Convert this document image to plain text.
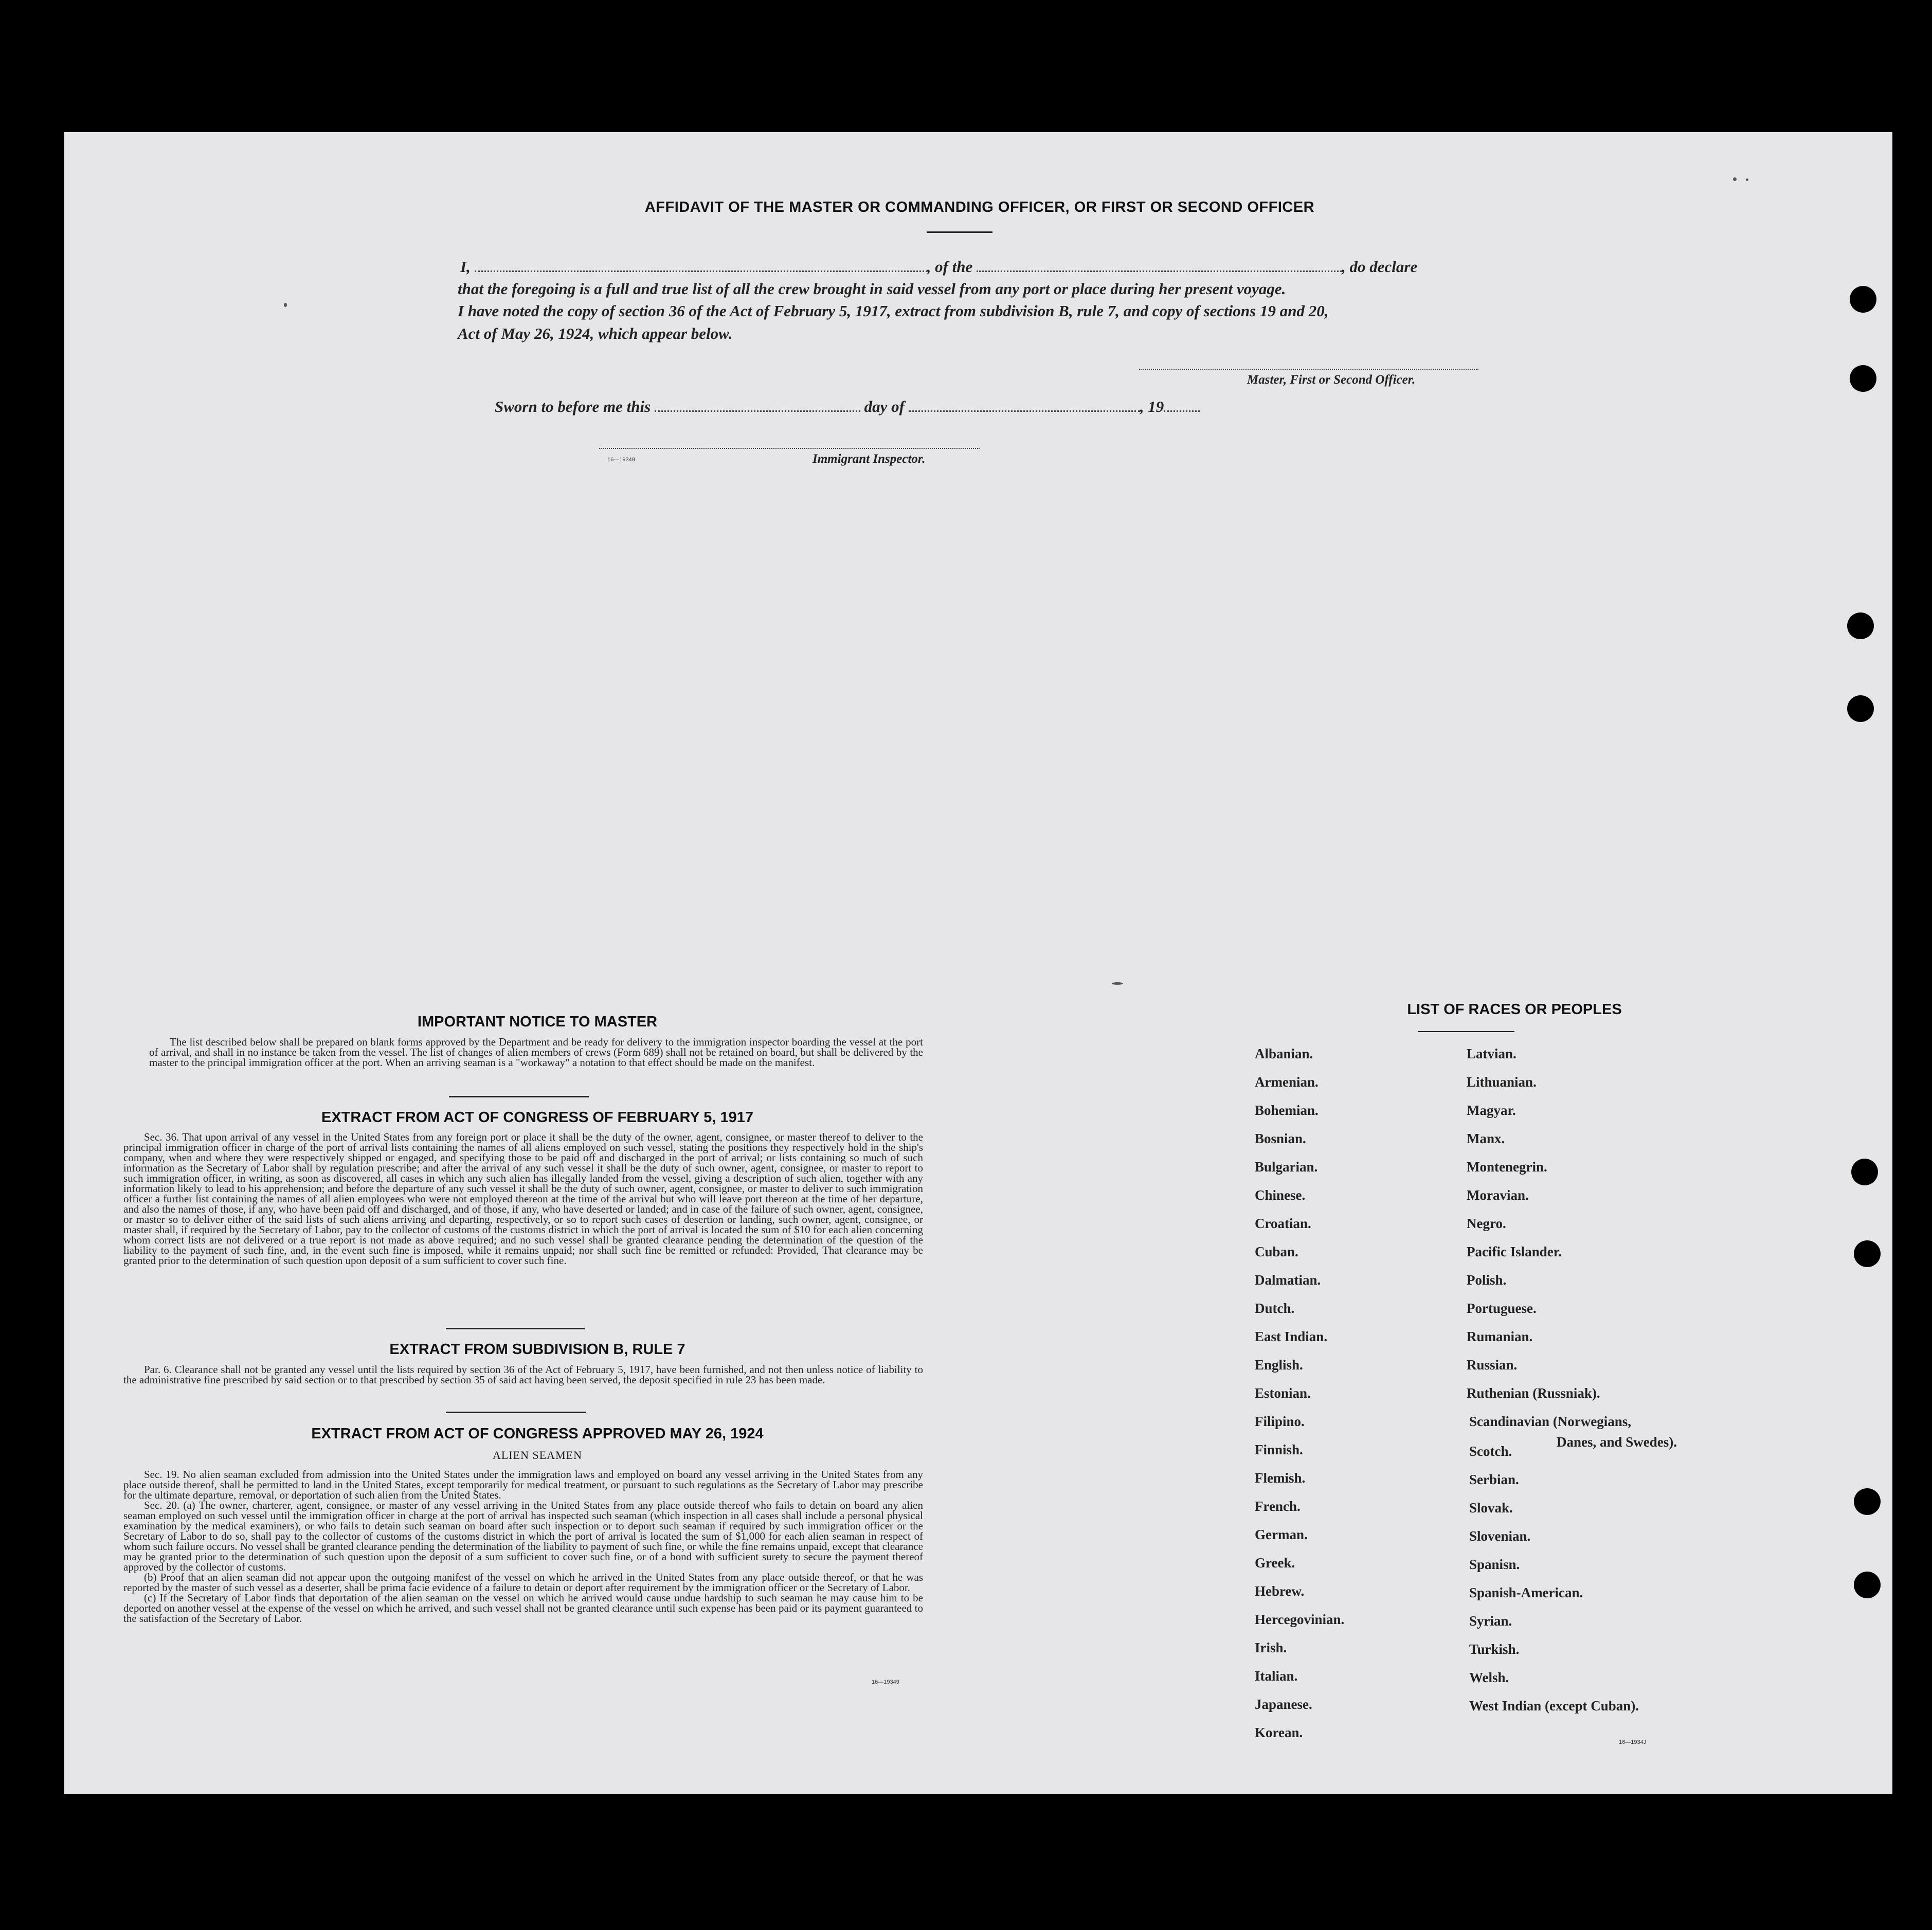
AFFIDAVIT OF THE MASTER OR COMMANDING OFFICER, OR FIRST OR SECOND OFFICER
I,	, of the	, do declare
that the foregoing is a full and true list of all the crew brought in said vessel from any port or place during her present voyage.
I have noted the copy of section 36 of the Act of February 5, 1917, extract from subdivision B, rule 7, and copy of sections 19 and 20,
Act of May 26, 1924, which appear below.
Master, First or Second Officer.
Sworn to before me this	day of	, 19
16—19349	Immigrant Inspector.
IMPORTANT NOTICE TO MASTER

The list described below shall be prepared on blank forms approved by the Department and be ready for delivery to the immigration inspector boarding the vessel at the port of arrival, and shall in no instance be taken from the vessel. The list of changes of alien members of crews (Form 689) shall not be retained on board, but shall be delivered by the master to the principal immigration officer at the port. When an arriving seaman is a "workaway" a notation to that effect should be made on the manifest.

EXTRACT FROM ACT OF CONGRESS OF FEBRUARY 5, 1917

Sec. 36. That upon arrival of any vessel in the United States from any foreign port or place it shall be the duty of the owner, agent, consignee, or master thereof to deliver to the principal immigration officer in charge of the port of arrival lists containing the names of all aliens employed on such vessel, stating the positions they respectively hold in the ship's company, when and where they were respectively shipped or engaged, and specifying those to be paid off and discharged in the port of arrival; or lists containing so much of such information as the Secretary of Labor shall by regulation prescribe; and after the arrival of any such vessel it shall be the duty of such owner, agent, consignee, or master to report to such immigration officer, in writing, as soon as discovered, all cases in which any such alien has illegally landed from the vessel, giving a description of such alien, together with any information likely to lead to his apprehension; and before the departure of any such vessel it shall be the duty of such owner, agent, consignee, or master to deliver to such immigration officer a further list containing the names of all alien employees who were not employed thereon at the time of the arrival but who will leave port thereon at the time of her departure, and also the names of those, if any, who have been paid off and discharged, and of those, if any, who have deserted or landed; and in case of the failure of such owner, agent, consignee, or master so to deliver either of the said lists of such aliens arriving and departing, respectively, or so to report such cases of desertion or landing, such owner, agent, consignee, or master shall, if required by the Secretary of Labor, pay to the collector of customs of the customs district in which the port of arrival is located the sum of $10 for each alien concerning whom correct lists are not delivered or a true report is not made as above required; and no such vessel shall be granted clearance pending the determination of the question of the liability to the payment of such fine, and, in the event such fine is imposed, while it remains unpaid; nor shall such fine be remitted or refunded: Provided, That clearance may be granted prior to the determination of such question upon deposit of a sum sufficient to cover such fine.

EXTRACT FROM SUBDIVISION B, RULE 7

Par. 6. Clearance shall not be granted any vessel until the lists required by section 36 of the Act of February 5, 1917, have been furnished, and not then unless notice of liability to the administrative fine prescribed by said section or to that prescribed by section 35 of said act having been served, the deposit specified in rule 23 has been made.

EXTRACT FROM ACT OF CONGRESS APPROVED MAY 26, 1924
ALIEN SEAMEN

Sec. 19. No alien seaman excluded from admission into the United States under the immigration laws and employed on board any vessel arriving in the United States from any place outside thereof, shall be permitted to land in the United States, except temporarily for medical treatment, or pursuant to such regulations as the Secretary of Labor may prescribe for the ultimate departure, removal, or deportation of such alien from the United States.

Sec. 20. (a) The owner, charterer, agent, consignee, or master of any vessel arriving in the United States from any place outside thereof who fails to detain on board any alien seaman employed on such vessel until the immigration officer in charge at the port of arrival has inspected such seaman (which inspection in all cases shall include a personal physical examination by the medical examiners), or who fails to detain such seaman on board after such inspection or to deport such seaman if required by such immigration officer or the Secretary of Labor to do so, shall pay to the collector of customs of the customs district in which the port of arrival is located the sum of $1,000 for each alien seaman in respect of whom such failure occurs. No vessel shall be granted clearance pending the determination of the liability to payment of such fine, or while the fine remains unpaid, except that clearance may be granted prior to the determination of such question upon the deposit of a sum sufficient to cover such fine, or of a bond with sufficient surety to secure the payment thereof approved by the collector of customs.

(b) Proof that an alien seaman did not appear upon the outgoing manifest of the vessel on which he arrived in the United States from any place outside thereof, or that he was reported by the master of such vessel as a deserter, shall be prima facie evidence of a failure to detain or deport after requirement by the immigration officer or the Secretary of Labor.

(c) If the Secretary of Labor finds that deportation of the alien seaman on the vessel on which he arrived would cause undue hardship to such seaman he may cause him to be deported on another vessel at the expense of the vessel on which he arrived, and such vessel shall not be granted clearance until such expense has been paid or its payment guaranteed to the satisfaction of the Secretary of Labor.

16—19349
LIST OF RACES OR PEOPLES
Albanian.
Armenian.
Bohemian.
Bosnian.
Bulgarian.
Chinese.
Croatian.
Cuban.
Dalmatian.
Dutch.
East Indian.
English.
Estonian.
Filipino.
Finnish.
Flemish.
French.
German.
Greek.
Hebrew.
Hercegovinian.
Irish.
Italian.
Japanese.
Korean.
Latvian.
Lithuanian.
Magyar.
Manx.
Montenegrin.
Moravian.
Negro.
Pacific Islander.
Polish.
Portuguese.
Rumanian.
Russian.
Ruthenian (Russniak).
Scandinavian (Norwegians,
Scotch.
Serbian.
Slovak.
Slovenian.
Spanisn.
Spanish-American.
Syrian.
Turkish.
Welsh.
West Indian (except Cuban).
Danes, and Swedes).
16—1934J
